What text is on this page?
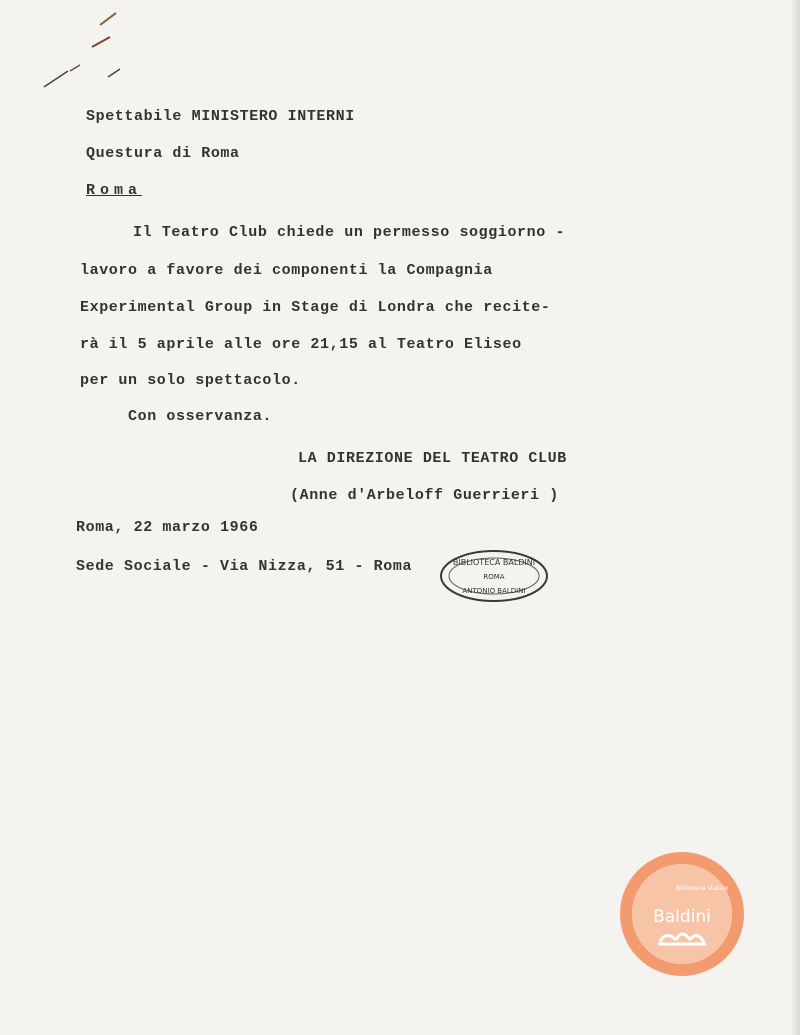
Spettabile MINISTERO INTERNI
Questura di Roma
Roma
Il Teatro Club chiede un permesso soggiorno -
lavoro a favore dei componenti la Compagnia
Experimental Group in Stage di Londra che recite-
rà il 5 aprile alle ore 21,15 al Teatro Eliseo
per un solo spettacolo.
Con osservanza.
LA DIREZIONE DEL TEATRO CLUB
(Anne d'Arbeloff Guerrieri )
Roma, 22 marzo 1966
Sede Sociale - Via Nizza, 51 - Roma	BIBLIOTECA BALDINI
ROMA
ANTONIO BALDINI
Biblioteca statale
Baldini
